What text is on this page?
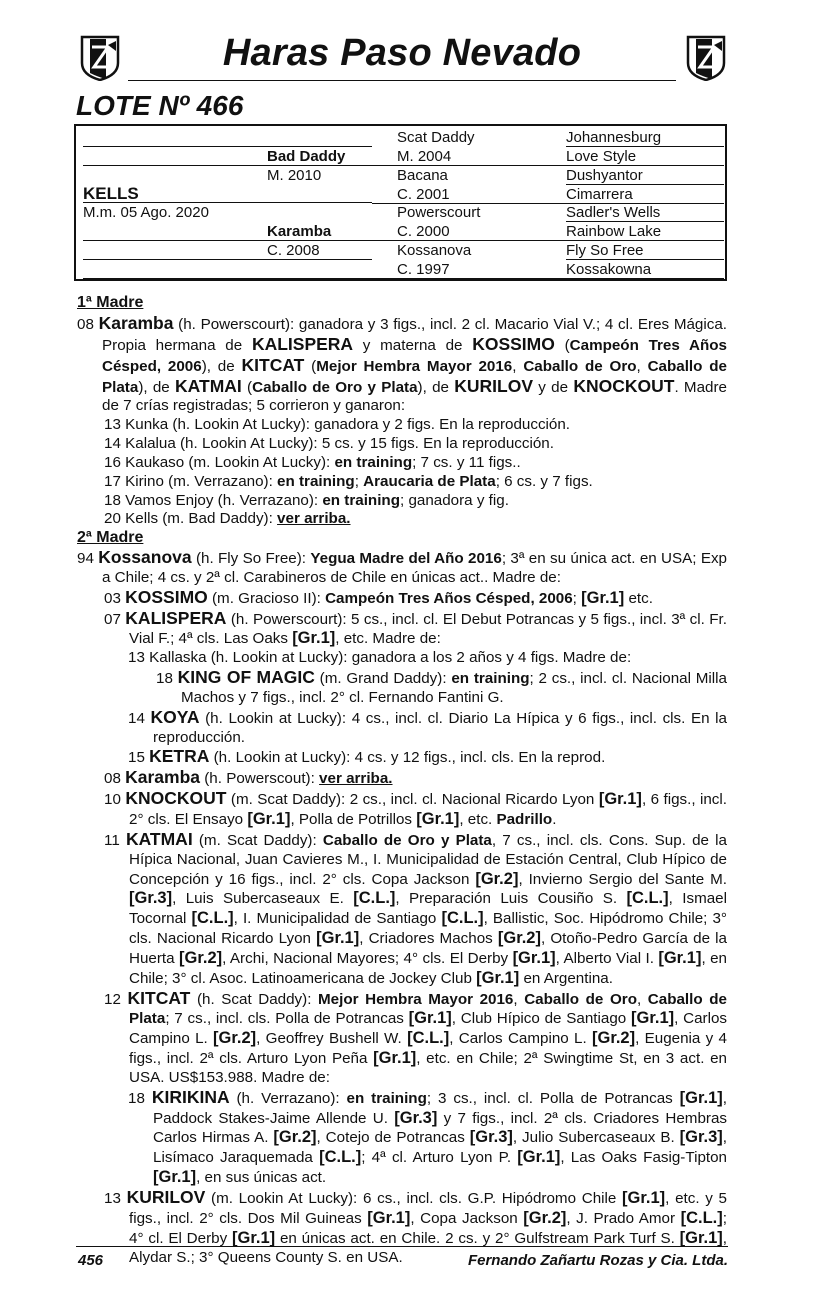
Haras Paso Nevado
LOTE Nº 466
Johannesburg
Love Style
Dushyantor
Cimarrera
Sadler's Wells
Rainbow Lake
Fly So Free
Kossakowna
Scat Daddy
M. 2004
Bacana
C. 2001
Powerscourt
C. 2000
Kossanova
C. 1997
Bad Daddy
M. 2010
Karamba
C. 2008
KELLS
M.m. 05 Ago. 2020
1ª Madre
08 Karamba (h. Powerscourt): ganadora y 3 figs., incl. 2 cl. Macario Vial V.; 4 cl. Eres Mágica. Propia hermana de KALISPERA y materna de KOSSIMO (Campeón Tres Años Césped, 2006), de KITCAT (Mejor Hembra Mayor 2016, Caballo de Oro, Caballo de Plata), de KATMAI (Caballo de Oro y Plata), de KURILOV y de KNOCKOUT. Madre de 7 crías registradas; 5 corrieron y ganaron:
13 Kunka (h. Lookin At Lucky): ganadora y 2 figs. En la reproducción.
14 Kalalua (h. Lookin At Lucky): 5 cs. y 15 figs. En la reproducción.
16 Kaukaso (m. Lookin At Lucky): en training; 7 cs. y 11 figs..
17 Kirino (m. Verrazano): en training; Araucaria de Plata; 6 cs. y 7 figs.
18 Vamos Enjoy (h. Verrazano): en training; ganadora y fig.
20 Kells (m. Bad Daddy): ver arriba.
2ª Madre
94 Kossanova (h. Fly So Free): Yegua Madre del Año 2016; 3ª en su única act. en USA; Exp a Chile; 4 cs. y 2ª cl. Carabineros de Chile en únicas act.. Madre de:
03 KOSSIMO (m. Gracioso II): Campeón Tres Años Césped, 2006; [Gr.1] etc.
07 KALISPERA (h. Powerscourt): 5 cs., incl. cl. El Debut Potrancas y 5 figs., incl. 3ª cl. Fr. Vial F.; 4ª cls. Las Oaks [Gr.1], etc. Madre de:
13 Kallaska (h. Lookin at Lucky): ganadora a los 2 años y 4 figs. Madre de:
18 KING OF MAGIC (m. Grand Daddy): en training; 2 cs., incl. cl. Nacional Milla Machos y 7 figs., incl. 2° cl. Fernando Fantini G.
14 KOYA (h. Lookin at Lucky): 4 cs., incl. cl. Diario La Hípica y 6 figs., incl. cls. En la reproducción.
15 KETRA (h. Lookin at Lucky): 4 cs. y 12 figs., incl. cls. En la reprod.
08 Karamba (h. Powerscout): ver arriba.
10 KNOCKOUT (m. Scat Daddy): 2 cs., incl. cl. Nacional Ricardo Lyon [Gr.1], 6 figs., incl. 2° cls. El Ensayo [Gr.1], Polla de Potrillos [Gr.1], etc. Padrillo.
11 KATMAI (m. Scat Daddy): Caballo de Oro y Plata, 7 cs., incl. cls. Cons. Sup. de la Hípica Nacional, Juan Cavieres M., I. Municipalidad de Estación Central, Club Hípico de Concepción y 16 figs., incl. 2° cls. Copa Jackson [Gr.2], Invierno Sergio del Sante M. [Gr.3], Luis Subercaseaux E. [C.L.], Preparación Luis Cousiño S. [C.L.], Ismael Tocornal [C.L.], I. Municipalidad de Santiago [C.L.], Ballistic, Soc. Hipódromo Chile; 3° cls. Nacional Ricardo Lyon [Gr.1], Criadores Machos [Gr.2], Otoño-Pedro García de la Huerta [Gr.2], Archi, Nacional Mayores; 4° cls. El Derby [Gr.1], Alberto Vial I. [Gr.1], en Chile; 3° cl. Asoc. Latinoamericana de Jockey Club [Gr.1] en Argentina.
12 KITCAT (h. Scat Daddy): Mejor Hembra Mayor 2016, Caballo de Oro, Caballo de Plata; 7 cs., incl. cls. Polla de Potrancas [Gr.1], Club Hípico de Santiago [Gr.1], Carlos Campino L. [Gr.2], Geoffrey Bushell W. [C.L.], Carlos Campino L. [Gr.2], Eugenia y 4 figs., incl. 2ª cls. Arturo Lyon Peña [Gr.1], etc. en Chile; 2ª Swingtime St, en 3 act. en USA. US$153.988. Madre de:
18 KIRIKINA (h. Verrazano): en training; 3 cs., incl. cl. Polla de Potrancas [Gr.1], Paddock Stakes-Jaime Allende U. [Gr.3] y 7 figs., incl. 2ª cls. Criadores Hembras Carlos Hirmas A. [Gr.2], Cotejo de Potrancas [Gr.3], Julio Subercaseaux B. [Gr.3], Lisímaco Jaraquemada [C.L.]; 4ª cl. Arturo Lyon P. [Gr.1], Las Oaks Fasig-Tipton [Gr.1], en sus únicas act.
13 KURILOV (m. Lookin At Lucky): 6 cs., incl. cls. G.P. Hipódromo Chile [Gr.1], etc. y 5 figs., incl. 2° cls. Dos Mil Guineas [Gr.1], Copa Jackson [Gr.2], J. Prado Amor [C.L.]; 4° cl. El Derby [Gr.1] en únicas act. en Chile. 2 cs. y 2° Gulfstream Park Turf S. [Gr.1], Alydar S.; 3° Queens County S. en USA.
456	Fernando Zañartu Rozas y Cia. Ltda.
